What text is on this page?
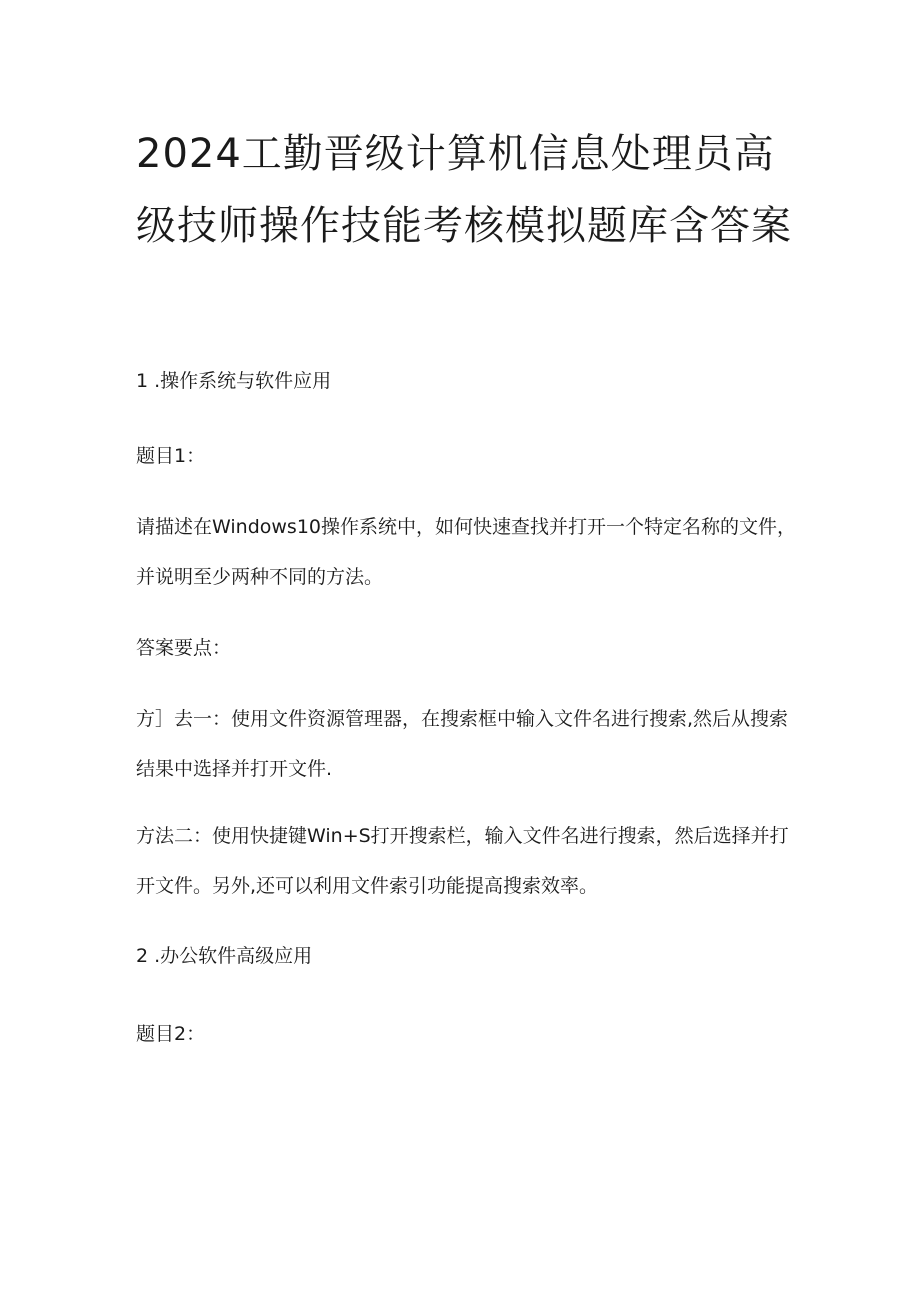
2024工勤晋级计算机信息处理员高级技师操作技能考核模拟题库含答案

1 .操作系统与软件应用

题目1：

请描述在Windows10操作系统中，如何快速查找并打开一个特定名称的文件，并说明至少两种不同的方法。

答案要点：

方］去一：使用文件资源管理器，在搜索框中输入文件名进行搜索,然后从搜索结果中选择并打开文件.

方法二：使用快捷键Win+S打开搜索栏，输入文件名进行搜索，然后选择并打开文件。另外,还可以利用文件索引功能提高搜索效率。

2 .办公软件高级应用

题目2：
